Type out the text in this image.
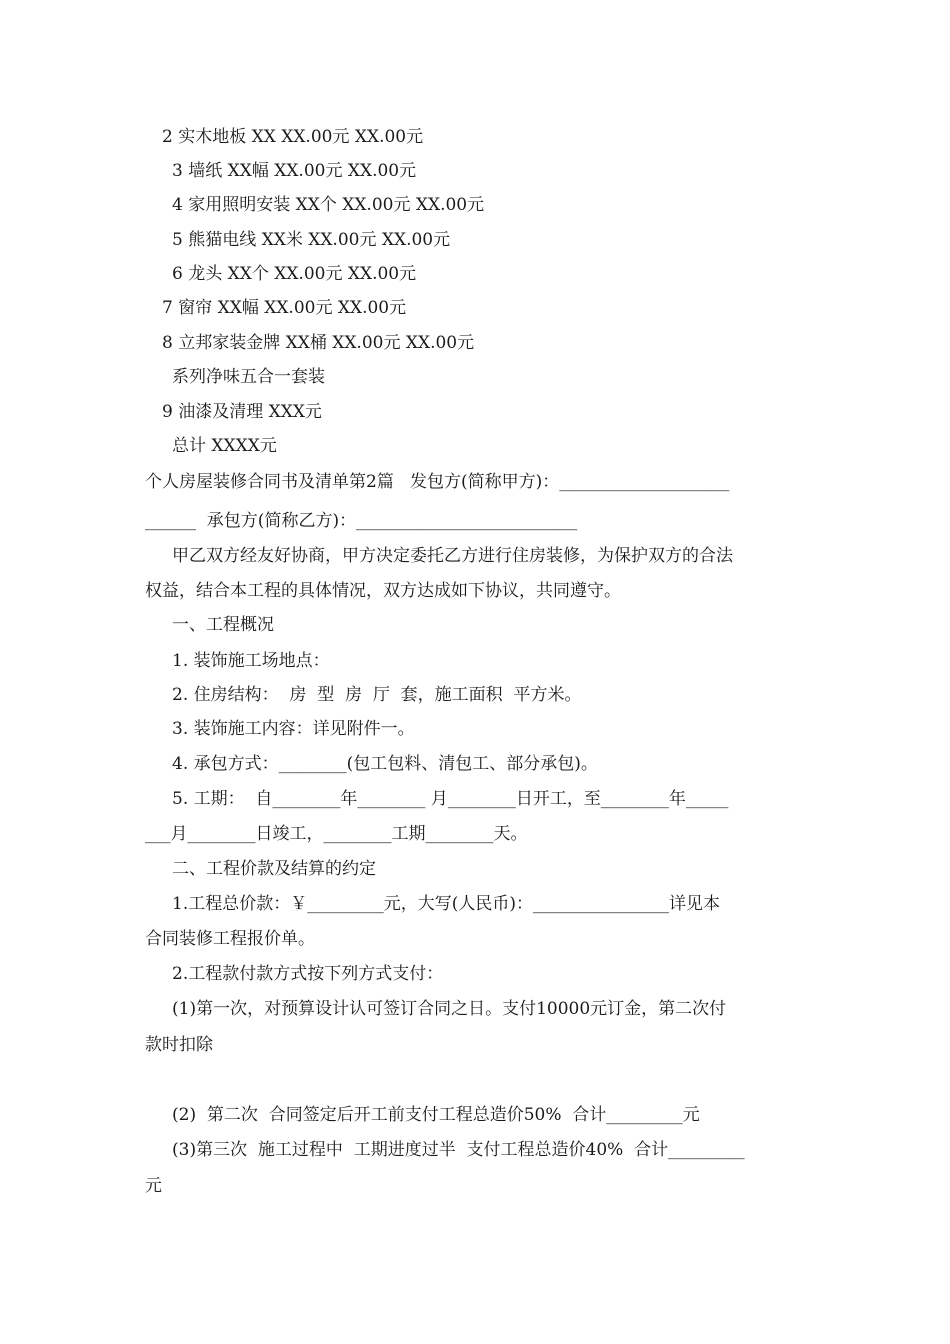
2 实木地板 XX XX.00元 XX.00元
3 墙纸 XX幅 XX.00元 XX.00元
4 家用照明安装 XX个 XX.00元 XX.00元
5 熊猫电线 XX米 XX.00元 XX.00元
6 龙头 XX个 XX.00元 XX.00元
7 窗帘 XX幅 XX.00元 XX.00元
8 立邦家装金牌 XX桶 XX.00元 XX.00元
系列净味五合一套装
9 油漆及清理 XXX元
总计 XXXX元
个人房屋装修合同书及清单第2篇   发包方(简称甲方)：____________________
______  承包方(简称乙方)：__________________________
甲乙双方经友好协商，甲方决定委托乙方进行住房装修，为保护双方的合法
权益，结合本工程的具体情况，双方达成如下协议，共同遵守。
一、工程概况
1. 装饰施工场地点：
2. 住房结构：  房  型  房  厅  套，施工面积  平方米。
3. 装饰施工内容：详见附件一。
4. 承包方式：________(包工包料、清包工、部分承包)。
5. 工期：  自________年________ 月________日开工，至________年_____
___月________日竣工，________工期________天。
二、工程价款及结算的约定
1.工程总价款：￥_________元，大写(人民币)：________________详见本
合同装修工程报价单。
2.工程款付款方式按下列方式支付：
(1)第一次，对预算设计认可签订合同之日。支付10000元订金，第二次付
款时扣除
(2)  第二次  合同签定后开工前支付工程总造价50%  合计_________元
(3)第三次  施工过程中  工期进度过半  支付工程总造价40%  合计_________
元
